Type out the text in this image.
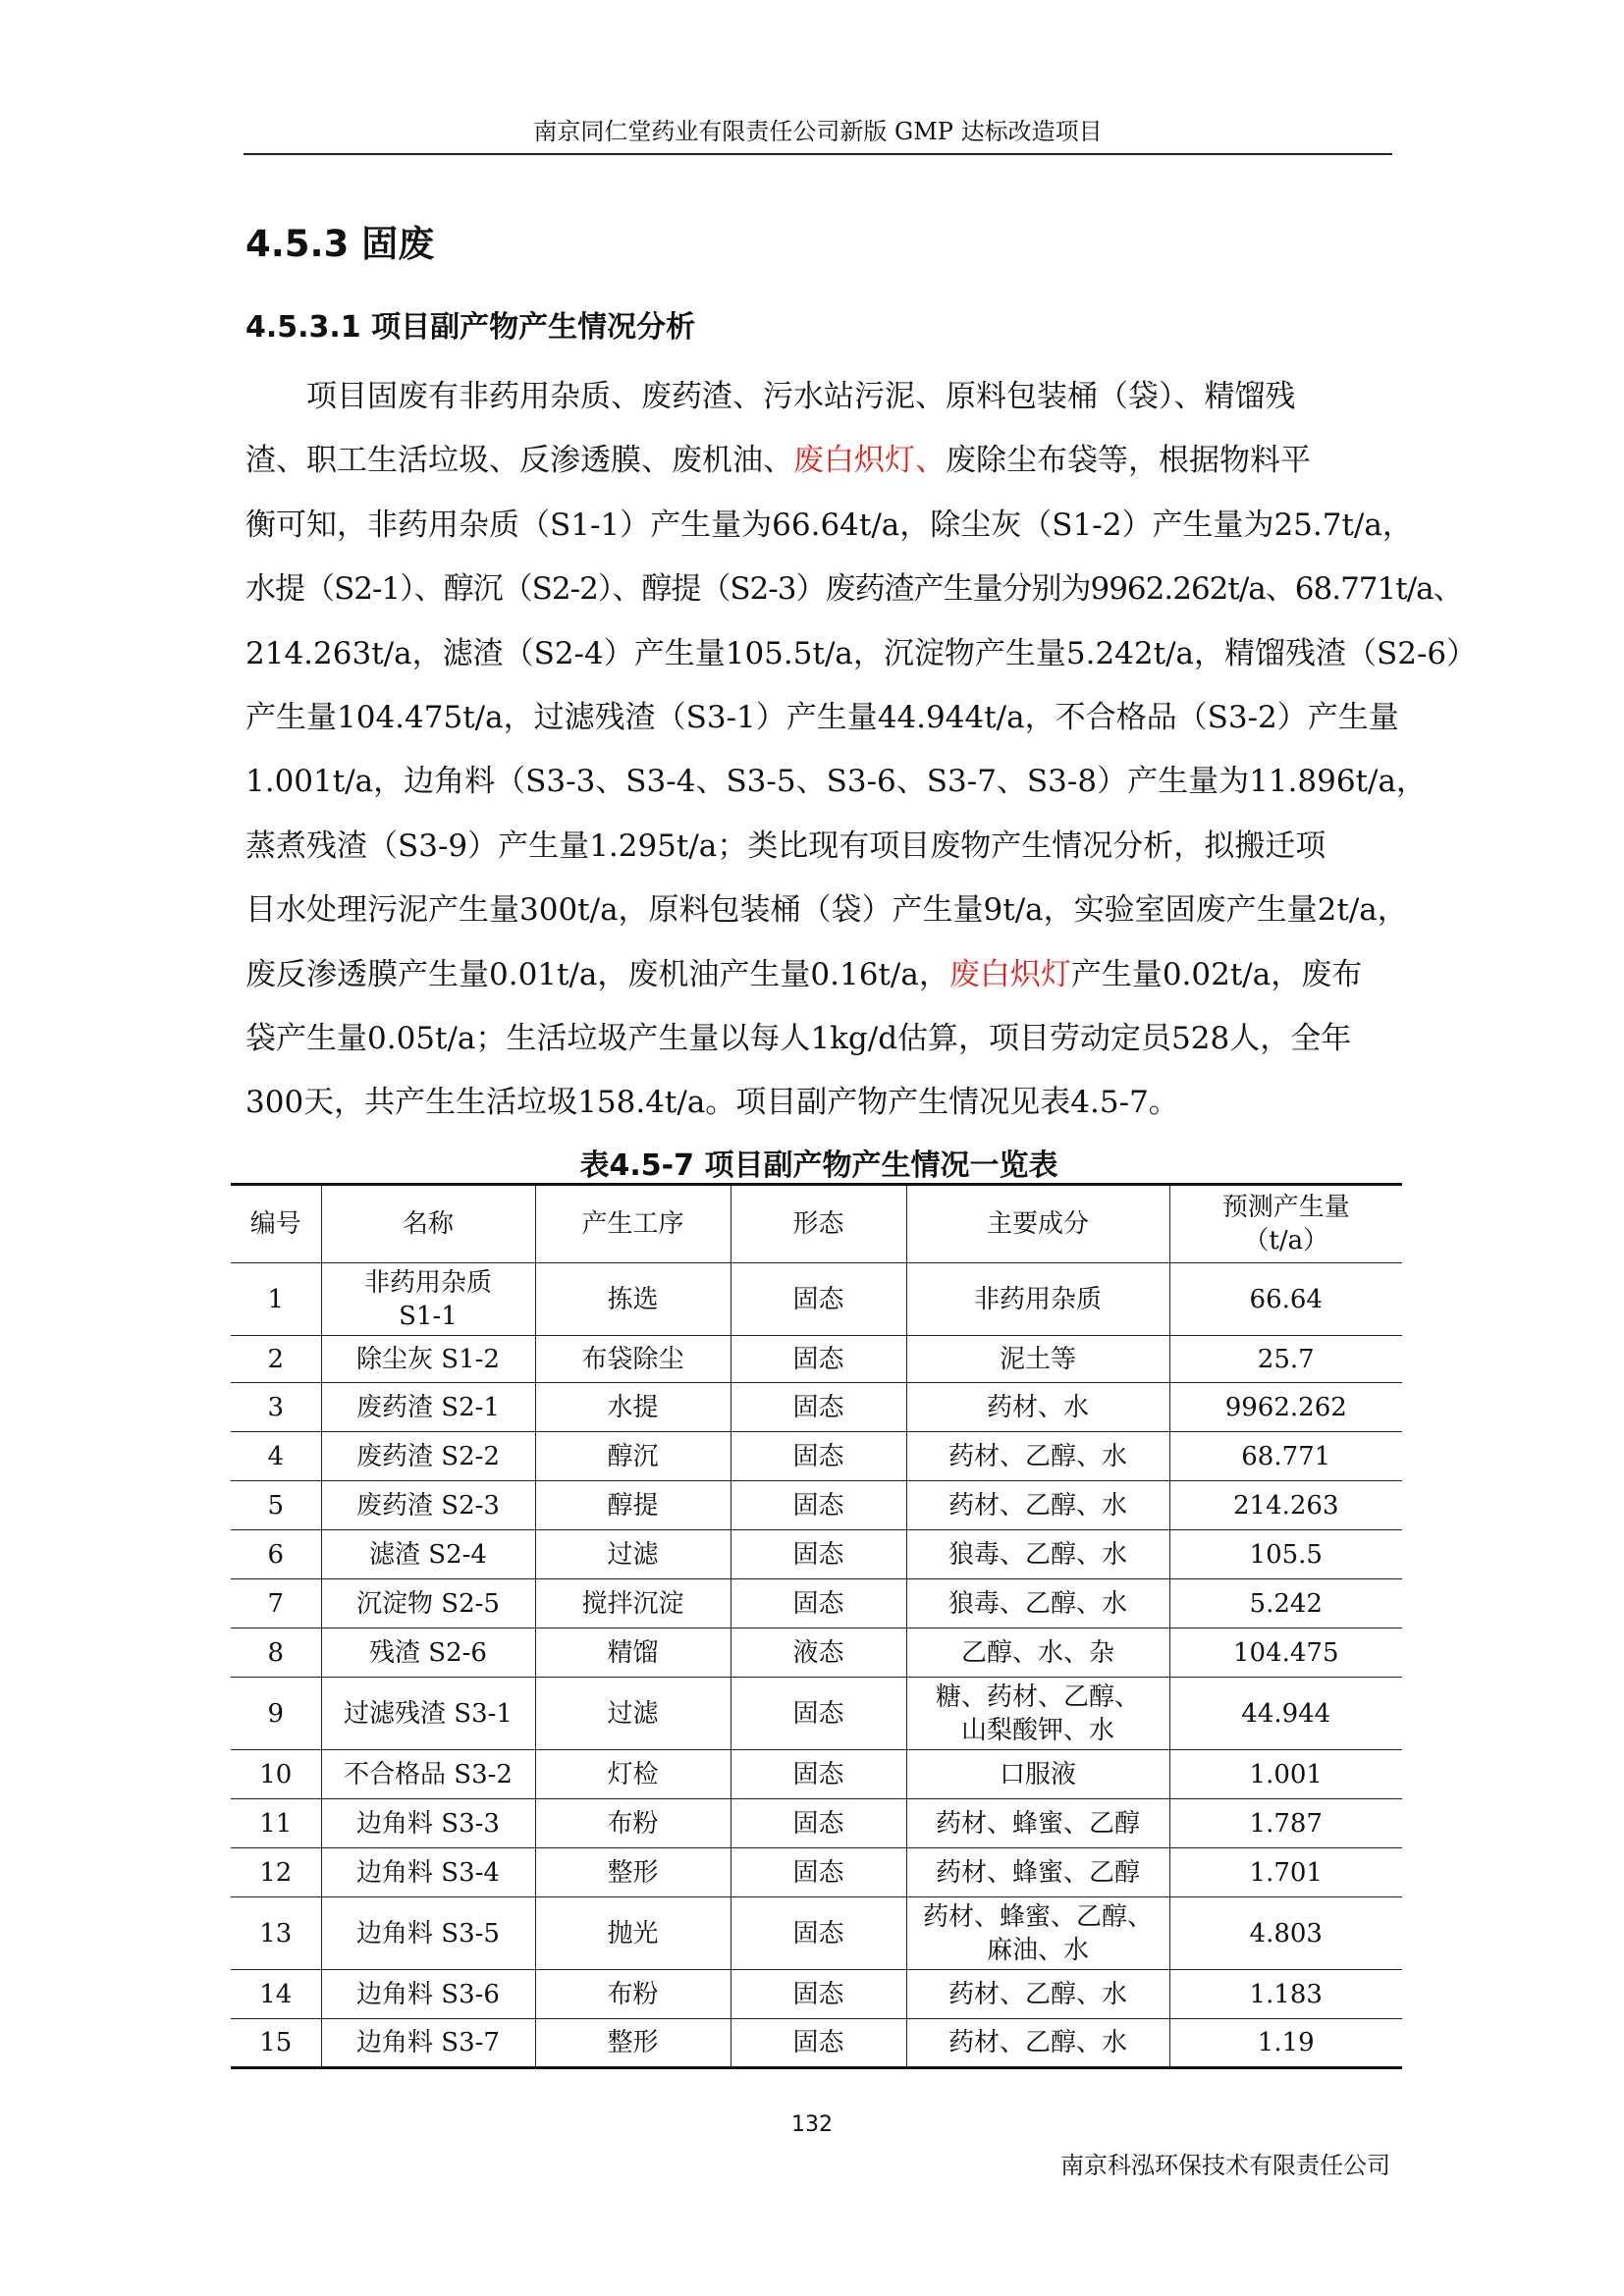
南京同仁堂药业有限责任公司新版 GMP 达标改造项目
4.5.3 固废
4.5.3.1 项目副产物产生情况分析
项目固废有非药用杂质、废药渣、污水站污泥、原料包装桶（袋）、精馏残
渣、职工生活垃圾、反渗透膜、废机油、废白炽灯、废除尘布袋等，根据物料平
衡可知，非药用杂质（S1-1）产生量为66.64t/a，除尘灰（S1-2）产生量为25.7t/a，
水提（S2-1）、醇沉（S2-2）、醇提（S2-3）废药渣产生量分别为9962.262t/a、68.771t/a、
214.263t/a，滤渣（S2-4）产生量105.5t/a，沉淀物产生量5.242t/a，精馏残渣（S2-6）
产生量104.475t/a，过滤残渣（S3-1）产生量44.944t/a，不合格品（S3-2）产生量
1.001t/a，边角料（S3-3、S3-4、S3-5、S3-6、S3-7、S3-8）产生量为11.896t/a，
蒸煮残渣（S3-9）产生量1.295t/a；类比现有项目废物产生情况分析，拟搬迁项
目水处理污泥产生量300t/a，原料包装桶（袋）产生量9t/a，实验室固废产生量2t/a，
废反渗透膜产生量0.01t/a，废机油产生量0.16t/a，废白炽灯产生量0.02t/a，废布
袋产生量0.05t/a；生活垃圾产生量以每人1kg/d估算，项目劳动定员528人，全年
300天，共产生生活垃圾158.4t/a。项目副产物产生情况见表4.5-7。
表4.5-7 项目副产物产生情况一览表
编号	名称	产生工序	形态	主要成分	预测产生量
（t/a）
1	非药用杂质
S1-1	拣选	固态	非药用杂质	66.64
2	除尘灰 S1-2	布袋除尘	固态	泥土等	25.7
3	废药渣 S2-1	水提	固态	药材、水	9962.262
4	废药渣 S2-2	醇沉	固态	药材、乙醇、水	68.771
5	废药渣 S2-3	醇提	固态	药材、乙醇、水	214.263
6	滤渣 S2-4	过滤	固态	狼毒、乙醇、水	105.5
7	沉淀物 S2-5	搅拌沉淀	固态	狼毒、乙醇、水	5.242
8	残渣 S2-6	精馏	液态	乙醇、水、杂	104.475
9	过滤残渣 S3-1	过滤	固态	糖、药材、乙醇、
山梨酸钾、水	44.944
10	不合格品 S3-2	灯检	固态	口服液	1.001
11	边角料 S3-3	布粉	固态	药材、蜂蜜、乙醇	1.787
12	边角料 S3-4	整形	固态	药材、蜂蜜、乙醇	1.701
13	边角料 S3-5	抛光	固态	药材、蜂蜜、乙醇、
麻油、水	4.803
14	边角料 S3-6	布粉	固态	药材、乙醇、水	1.183
15	边角料 S3-7	整形	固态	药材、乙醇、水	1.19
132
南京科泓环保技术有限责任公司
